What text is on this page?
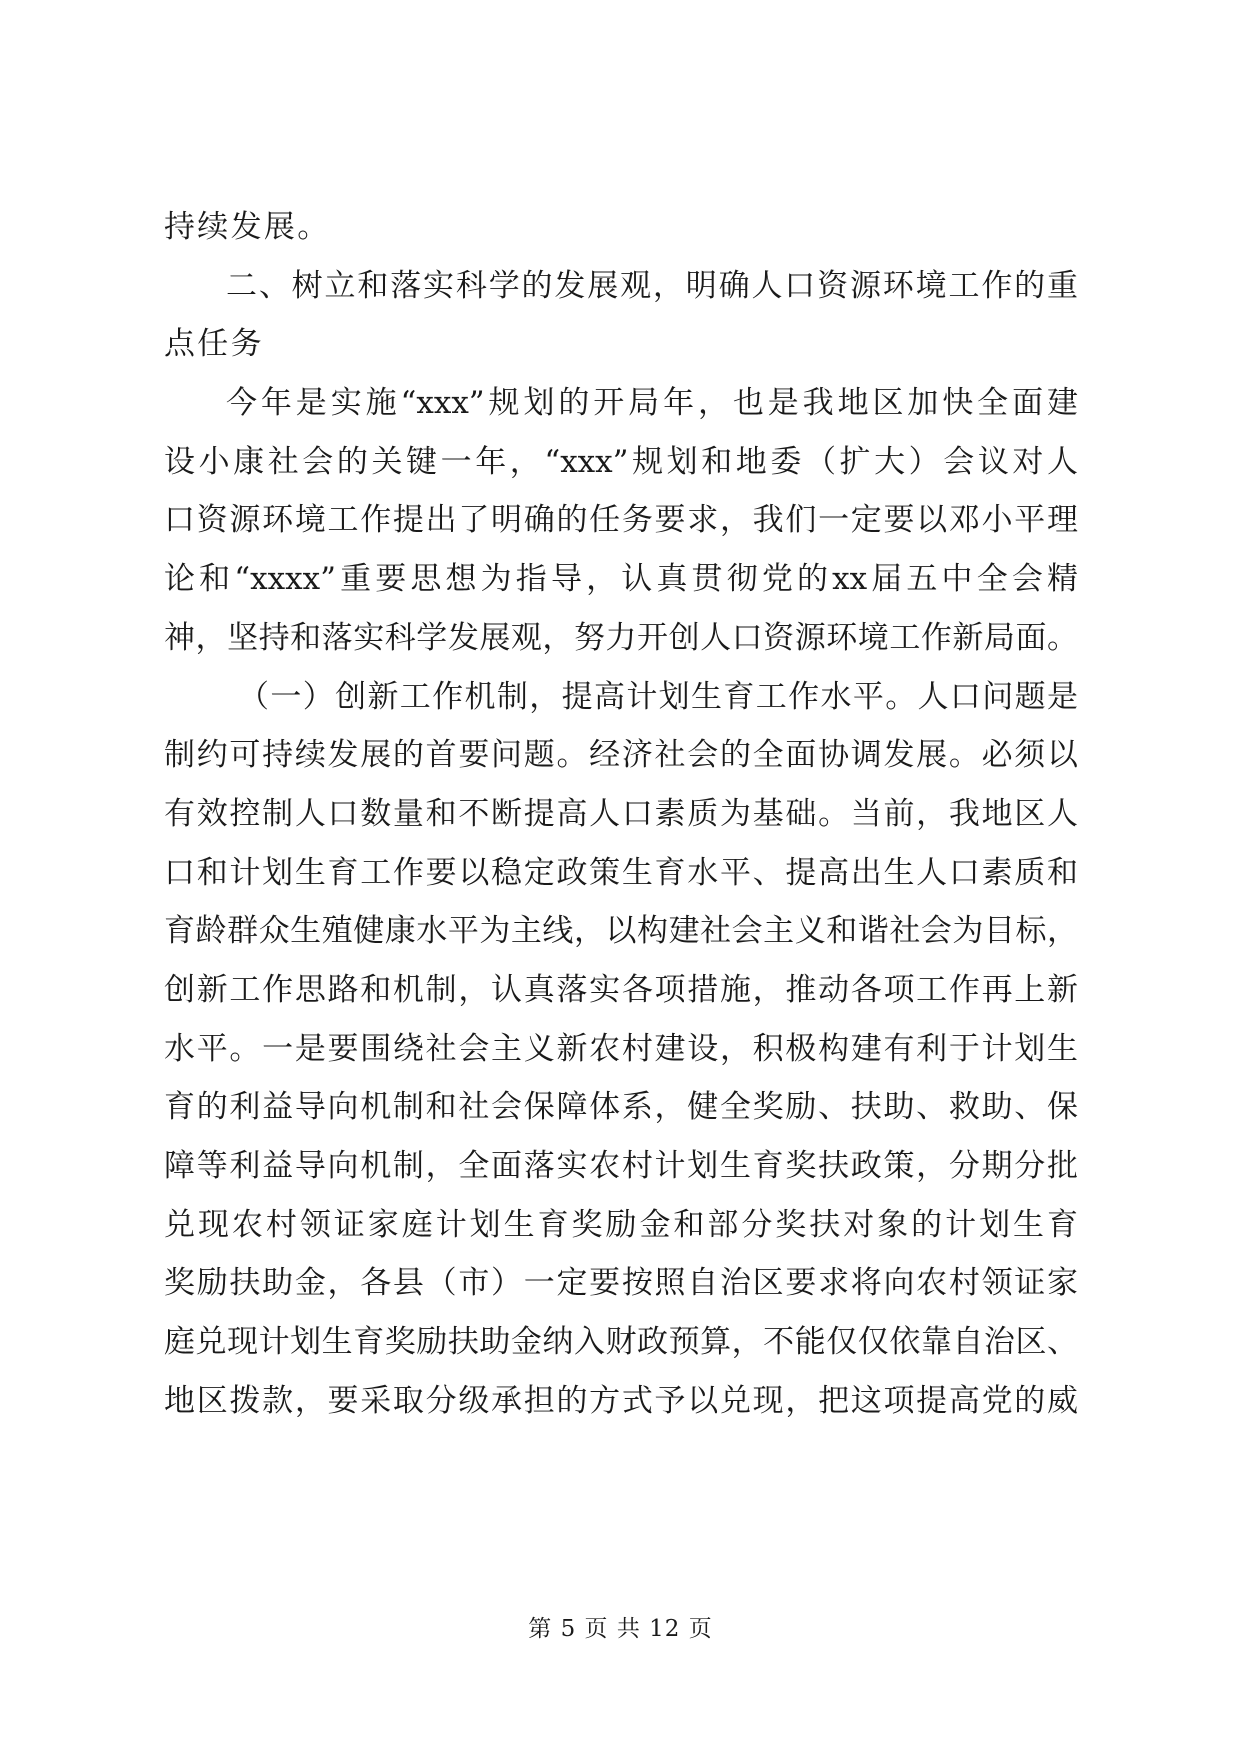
持续发展。
二、树立和落实科学的发展观，明确人口资源环境工作的重
点任务
今年是实施“xxx”规划的开局年，也是我地区加快全面建
设小康社会的关键一年，“xxx”规划和地委（扩大）会议对人
口资源环境工作提出了明确的任务要求，我们一定要以邓小平理
论和“xxxx”重要思想为指导，认真贯彻党的xx届五中全会精
神，坚持和落实科学发展观，努力开创人口资源环境工作新局面。
（一）创新工作机制，提高计划生育工作水平。人口问题是
制约可持续发展的首要问题。经济社会的全面协调发展。必须以
有效控制人口数量和不断提高人口素质为基础。当前，我地区人
口和计划生育工作要以稳定政策生育水平、提高出生人口素质和
育龄群众生殖健康水平为主线，以构建社会主义和谐社会为目标，
创新工作思路和机制，认真落实各项措施，推动各项工作再上新
水平。一是要围绕社会主义新农村建设，积极构建有利于计划生
育的利益导向机制和社会保障体系，健全奖励、扶助、救助、保
障等利益导向机制，全面落实农村计划生育奖扶政策，分期分批
兑现农村领证家庭计划生育奖励金和部分奖扶对象的计划生育
奖励扶助金，各县（市）一定要按照自治区要求将向农村领证家
庭兑现计划生育奖励扶助金纳入财政预算，不能仅仅依靠自治区、
地区拨款，要采取分级承担的方式予以兑现，把这项提高党的威
第 5 页 共 12 页
